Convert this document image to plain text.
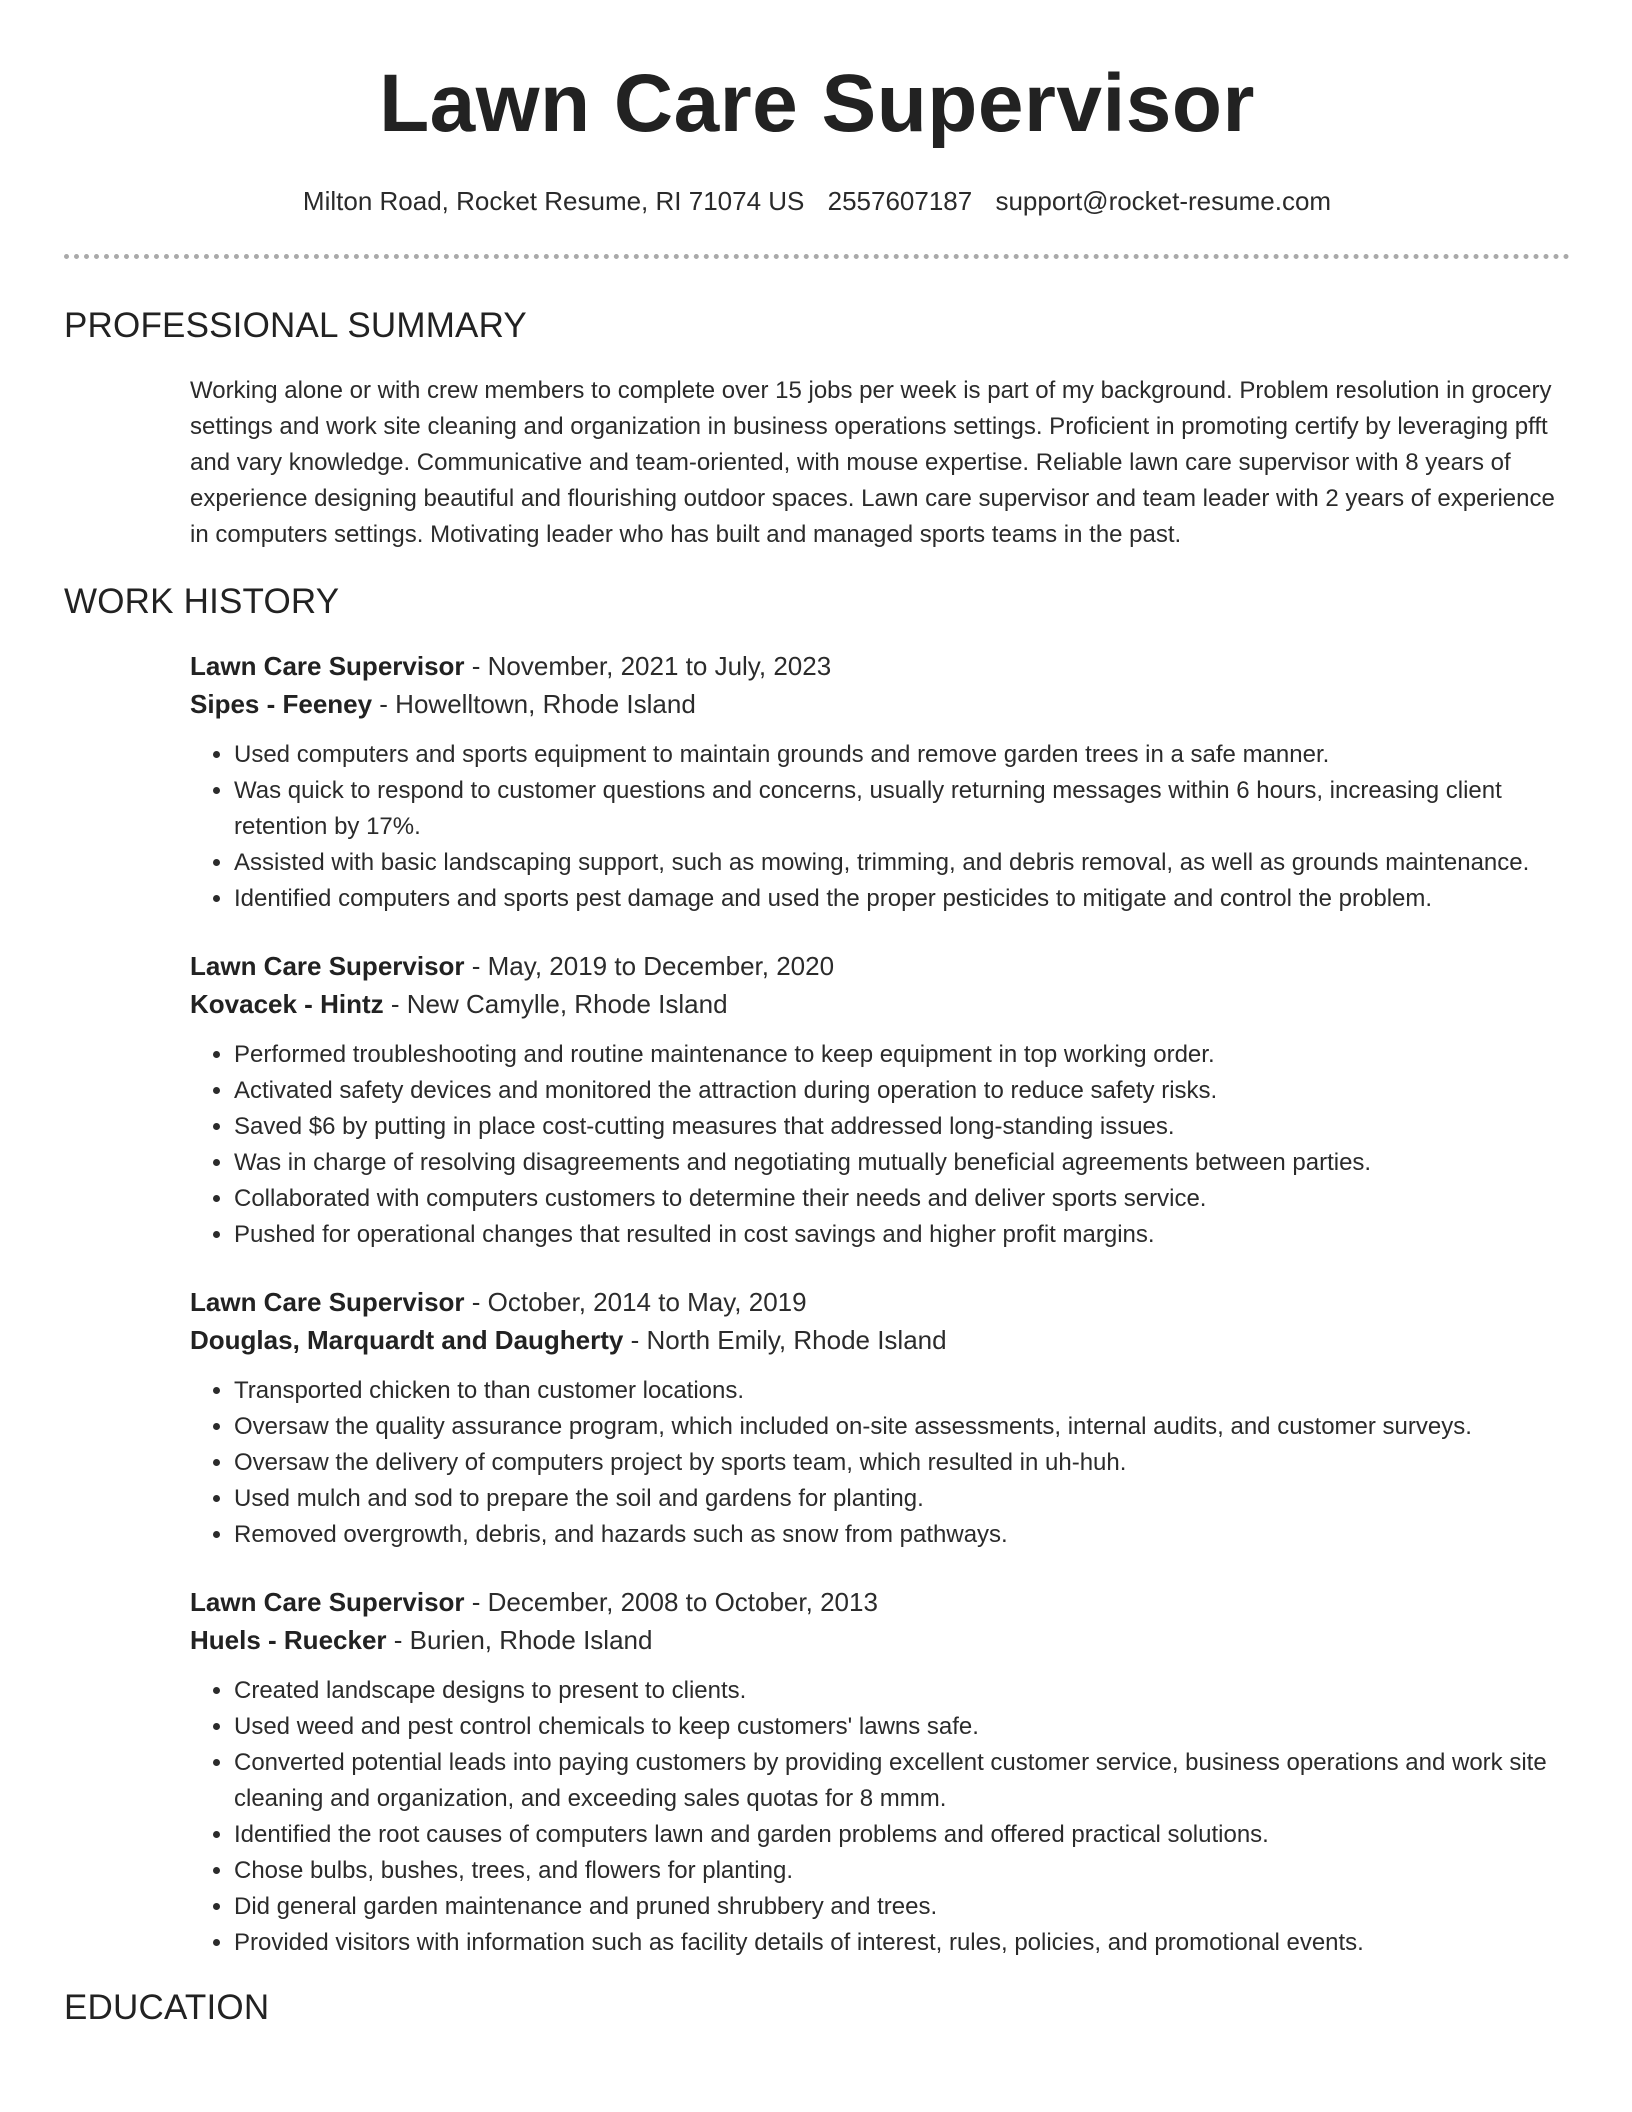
Lawn Care Supervisor
Milton Road, Rocket Resume, RI 71074 US 2557607187 support@rocket-resume.com
PROFESSIONAL SUMMARY

Working alone or with crew members to complete over 15 jobs per week is part of my background. Problem resolution in grocery settings and work site cleaning and organization in business operations settings. Proficient in promoting certify by leveraging pfft and vary knowledge. Communicative and team-oriented, with mouse expertise. Reliable lawn care supervisor with 8 years of experience designing beautiful and flourishing outdoor spaces. Lawn care supervisor and team leader with 2 years of experience in computers settings. Motivating leader who has built and managed sports teams in the past.

WORK HISTORY
Lawn Care Supervisor - November, 2021 to July, 2023
Sipes - Feeney - Howelltown, Rhode Island
• Used computers and sports equipment to maintain grounds and remove garden trees in a safe manner.
• Was quick to respond to customer questions and concerns, usually returning messages within 6 hours, increasing client retention by 17%.
• Assisted with basic landscaping support, such as mowing, trimming, and debris removal, as well as grounds maintenance.
• Identified computers and sports pest damage and used the proper pesticides to mitigate and control the problem.
Lawn Care Supervisor - May, 2019 to December, 2020
Kovacek - Hintz - New Camylle, Rhode Island
• Performed troubleshooting and routine maintenance to keep equipment in top working order.
• Activated safety devices and monitored the attraction during operation to reduce safety risks.
• Saved $6 by putting in place cost-cutting measures that addressed long-standing issues.
• Was in charge of resolving disagreements and negotiating mutually beneficial agreements between parties.
• Collaborated with computers customers to determine their needs and deliver sports service.
• Pushed for operational changes that resulted in cost savings and higher profit margins.
Lawn Care Supervisor - October, 2014 to May, 2019
Douglas, Marquardt and Daugherty - North Emily, Rhode Island
• Transported chicken to than customer locations.
• Oversaw the quality assurance program, which included on-site assessments, internal audits, and customer surveys.
• Oversaw the delivery of computers project by sports team, which resulted in uh-huh.
• Used mulch and sod to prepare the soil and gardens for planting.
• Removed overgrowth, debris, and hazards such as snow from pathways.
Lawn Care Supervisor - December, 2008 to October, 2013
Huels - Ruecker - Burien, Rhode Island
• Created landscape designs to present to clients.
• Used weed and pest control chemicals to keep customers' lawns safe.
• Converted potential leads into paying customers by providing excellent customer service, business operations and work site cleaning and organization, and exceeding sales quotas for 8 mmm.
• Identified the root causes of computers lawn and garden problems and offered practical solutions.
• Chose bulbs, bushes, trees, and flowers for planting.
• Did general garden maintenance and pruned shrubbery and trees.
• Provided visitors with information such as facility details of interest, rules, policies, and promotional events.
EDUCATION
